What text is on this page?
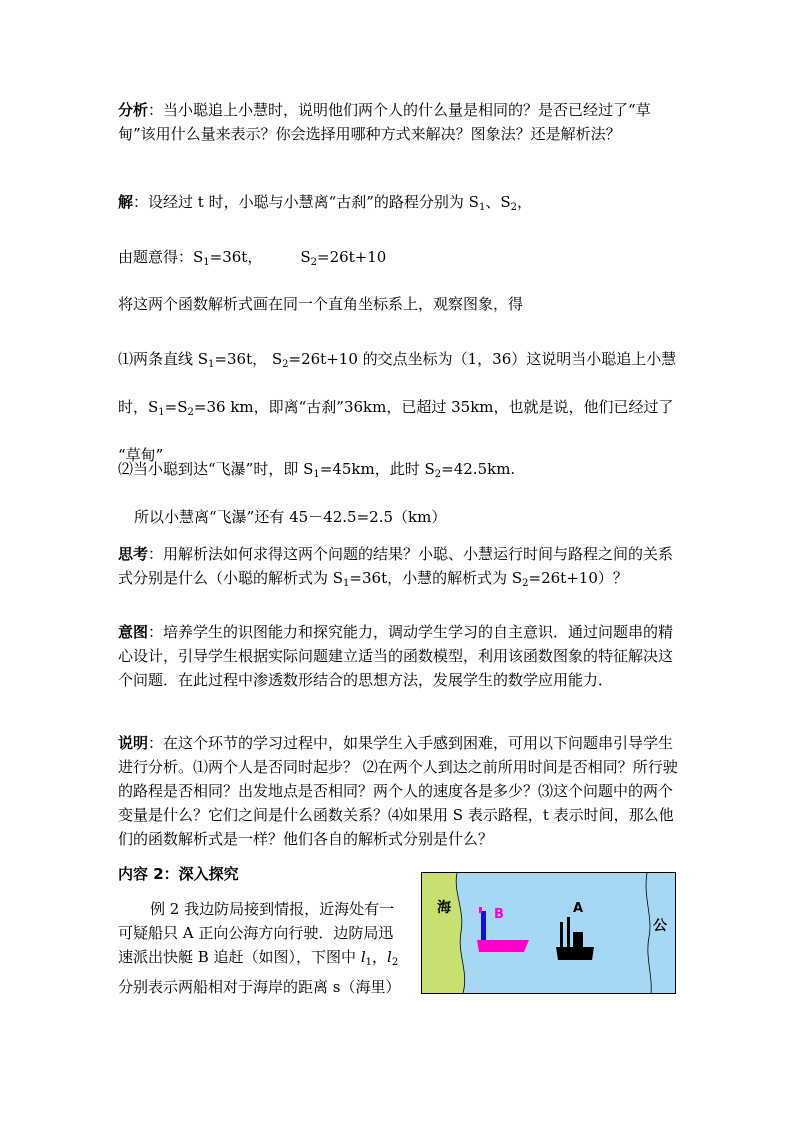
分析：当小聪追上小慧时，说明他们两个人的什么量是相同的？是否已经过了“草甸”该用什么量来表示？你会选择用哪种方式来解决？图象法？还是解析法？

解：设经过 t 时，小聪与小慧离“古刹”的路程分别为 $S_1$、$S_2$，

由题意得：$S_1=36t$，	$S_2=26t+10$

将这两个函数解析式画在同一个直角坐标系上，观察图象，得

⑴两条直线 $S_1=36t$， $S_2=26t+10$ 的交点坐标为（1，36）这说明当小聪追上小慧
时，$S_1=S_2=36$ km，即离“古刹”36km，已超过 35km，也就是说，他们已经过了
“草甸”

⑵当小聪到达“飞瀑”时，即 $S_1=45km$，此时 $S_2=42.5km$.

所以小慧离“飞瀑”还有 45－42.5=2.5（km）

思考：用解析法如何求得这两个问题的结果？小聪、小慧运行时间与路程之间的关系式分别是什么（小聪的解析式为 $S_1=36t$，小慧的解析式为 $S_2=26t+10$）？

意图：培养学生的识图能力和探究能力，调动学生学习的自主意识．通过问题串的精心设计，引导学生根据实际问题建立适当的函数模型，利用该函数图象的特征解决这个问题．在此过程中渗透数形结合的思想方法，发展学生的数学应用能力．

说明：在这个环节的学习过程中，如果学生入手感到困难，可用以下问题串引导学生进行分析。⑴两个人是否同时起步？ ⑵在两个人到达之前所用时间是否相同？所行驶的路程是否相同？出发地点是否相同？两个人的速度各是多少？⑶这个问题中的两个变量是什么？它们之间是什么函数关系？⑷如果用 S 表示路程，t 表示时间，那么他们的函数解析式是一样？他们各自的解析式分别是什么？

内容 2：深入探究

例 2 我边防局接到情报，近海处有一
可疑船只 A 正向公海方向行驶．边防局迅
速派出快艇 B 追赶（如图），下图中 $l_1$，$l_2$
分别表示两船相对于海岸的距离 s（海里）

海	B	A
公
